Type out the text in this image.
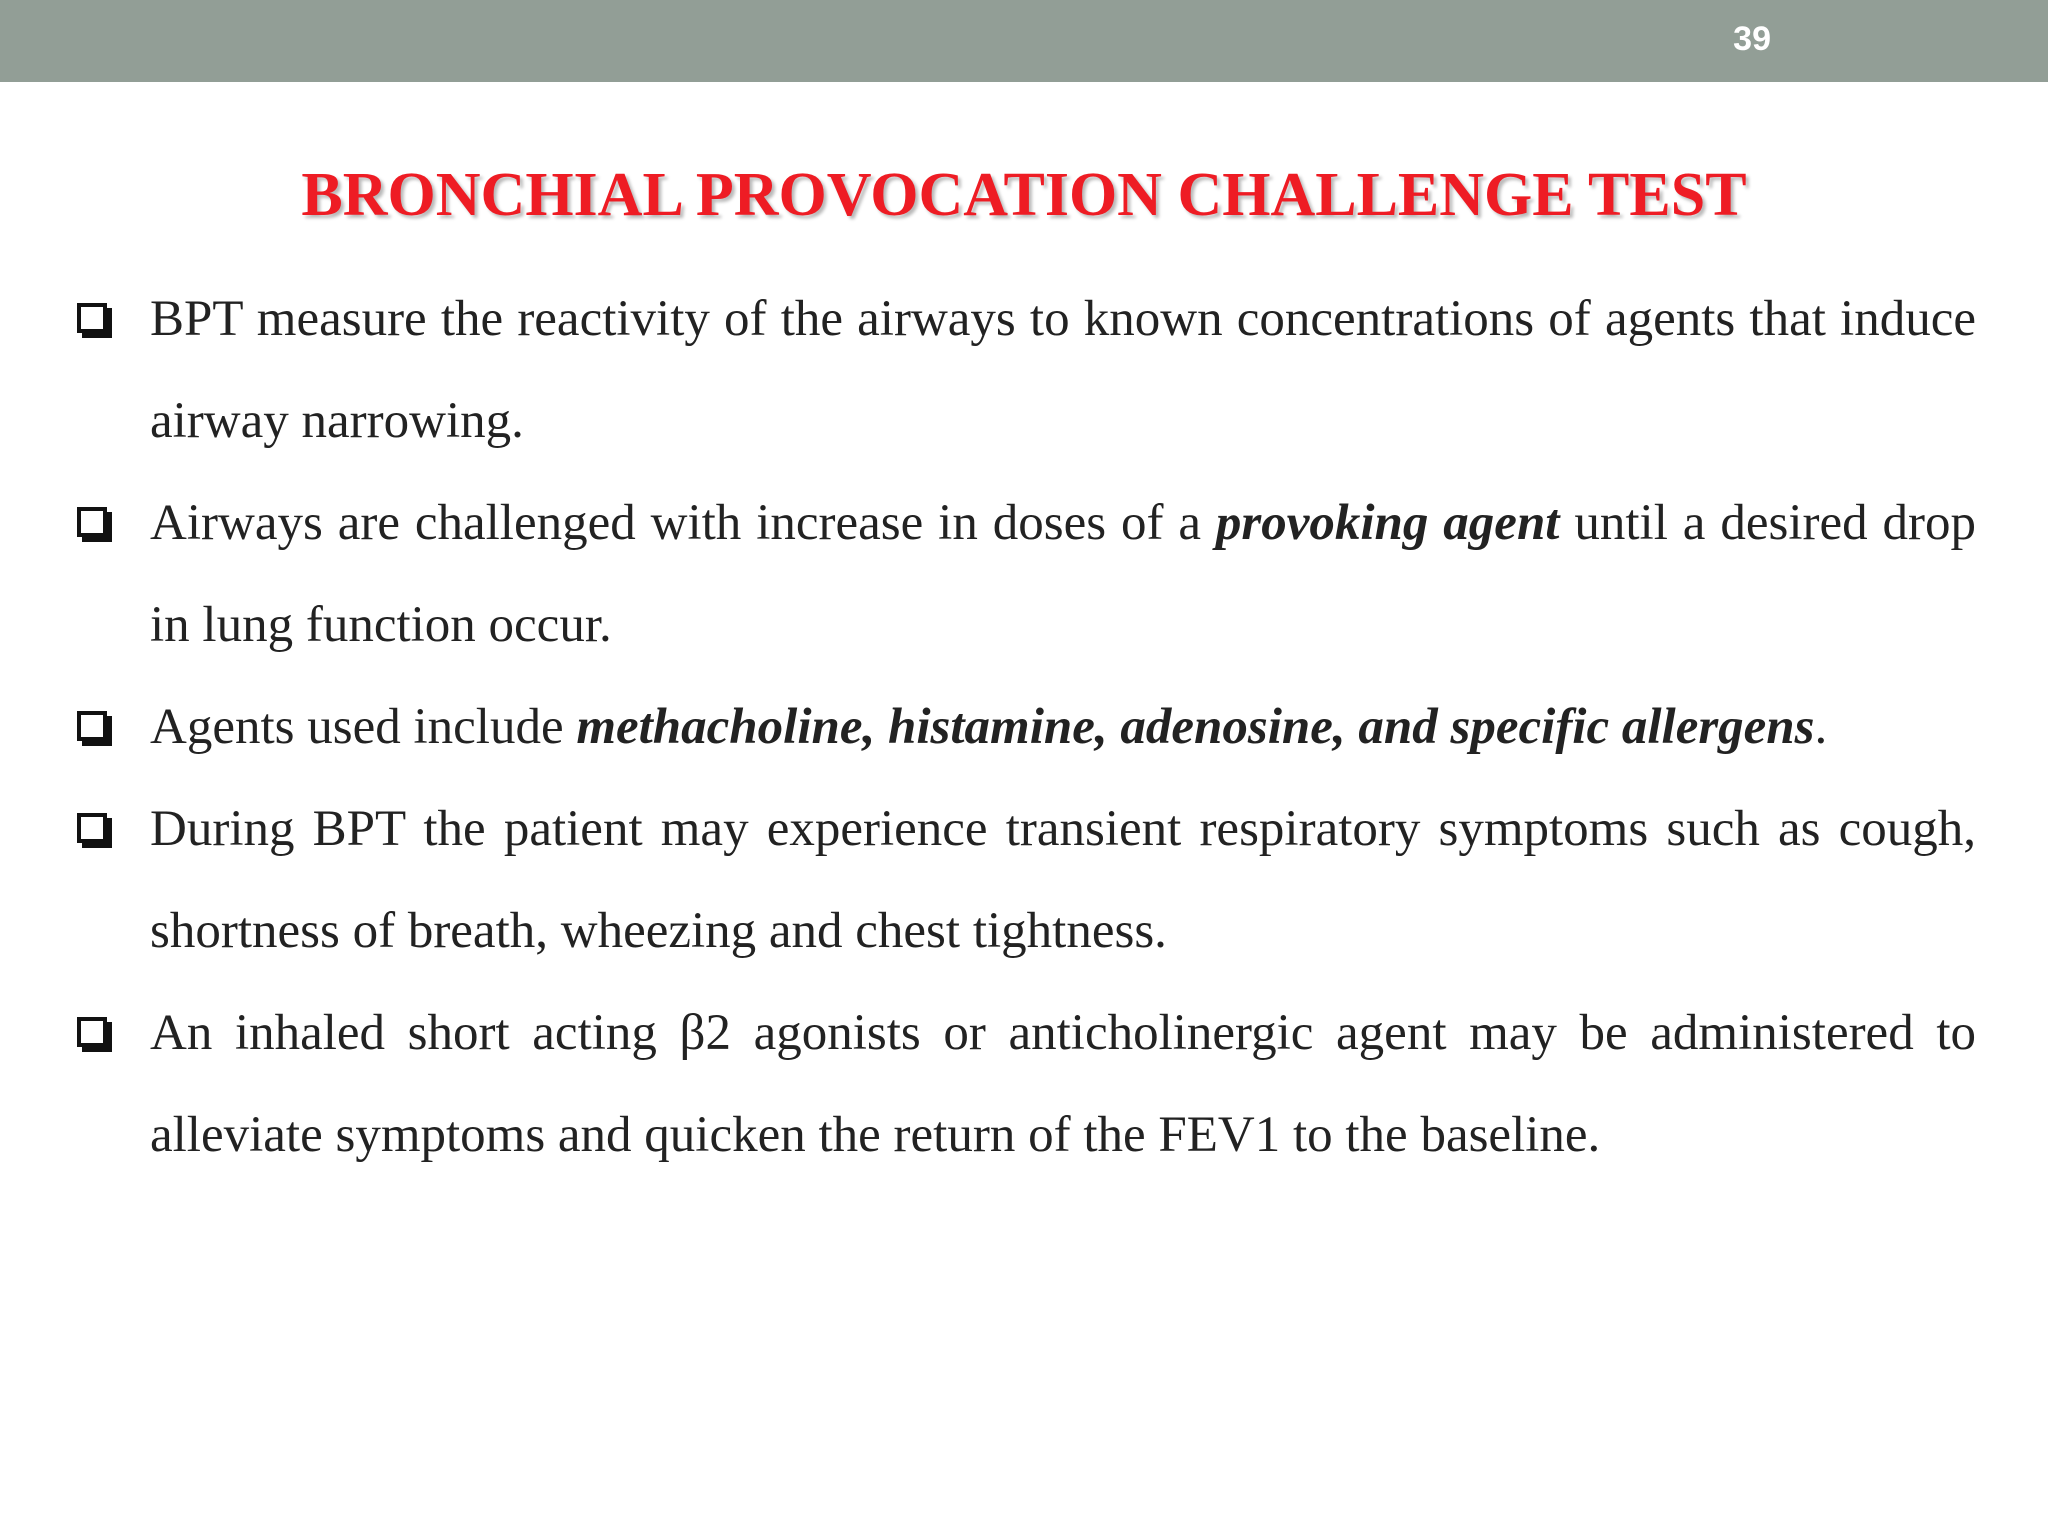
39
BRONCHIAL PROVOCATION CHALLENGE TEST
BPT measure the reactivity of the airways to known concentrations of agents that induce airway narrowing.
Airways are challenged with increase in doses of a provoking agent until a desired drop in lung function occur.
Agents used include methacholine, histamine, adenosine, and specific allergens.
During BPT the patient may experience transient respiratory symptoms such as cough, shortness of breath, wheezing and chest tightness.
An inhaled short acting β2 agonists or anticholinergic agent may be administered to alleviate symptoms and quicken the return of the FEV1 to the baseline.
